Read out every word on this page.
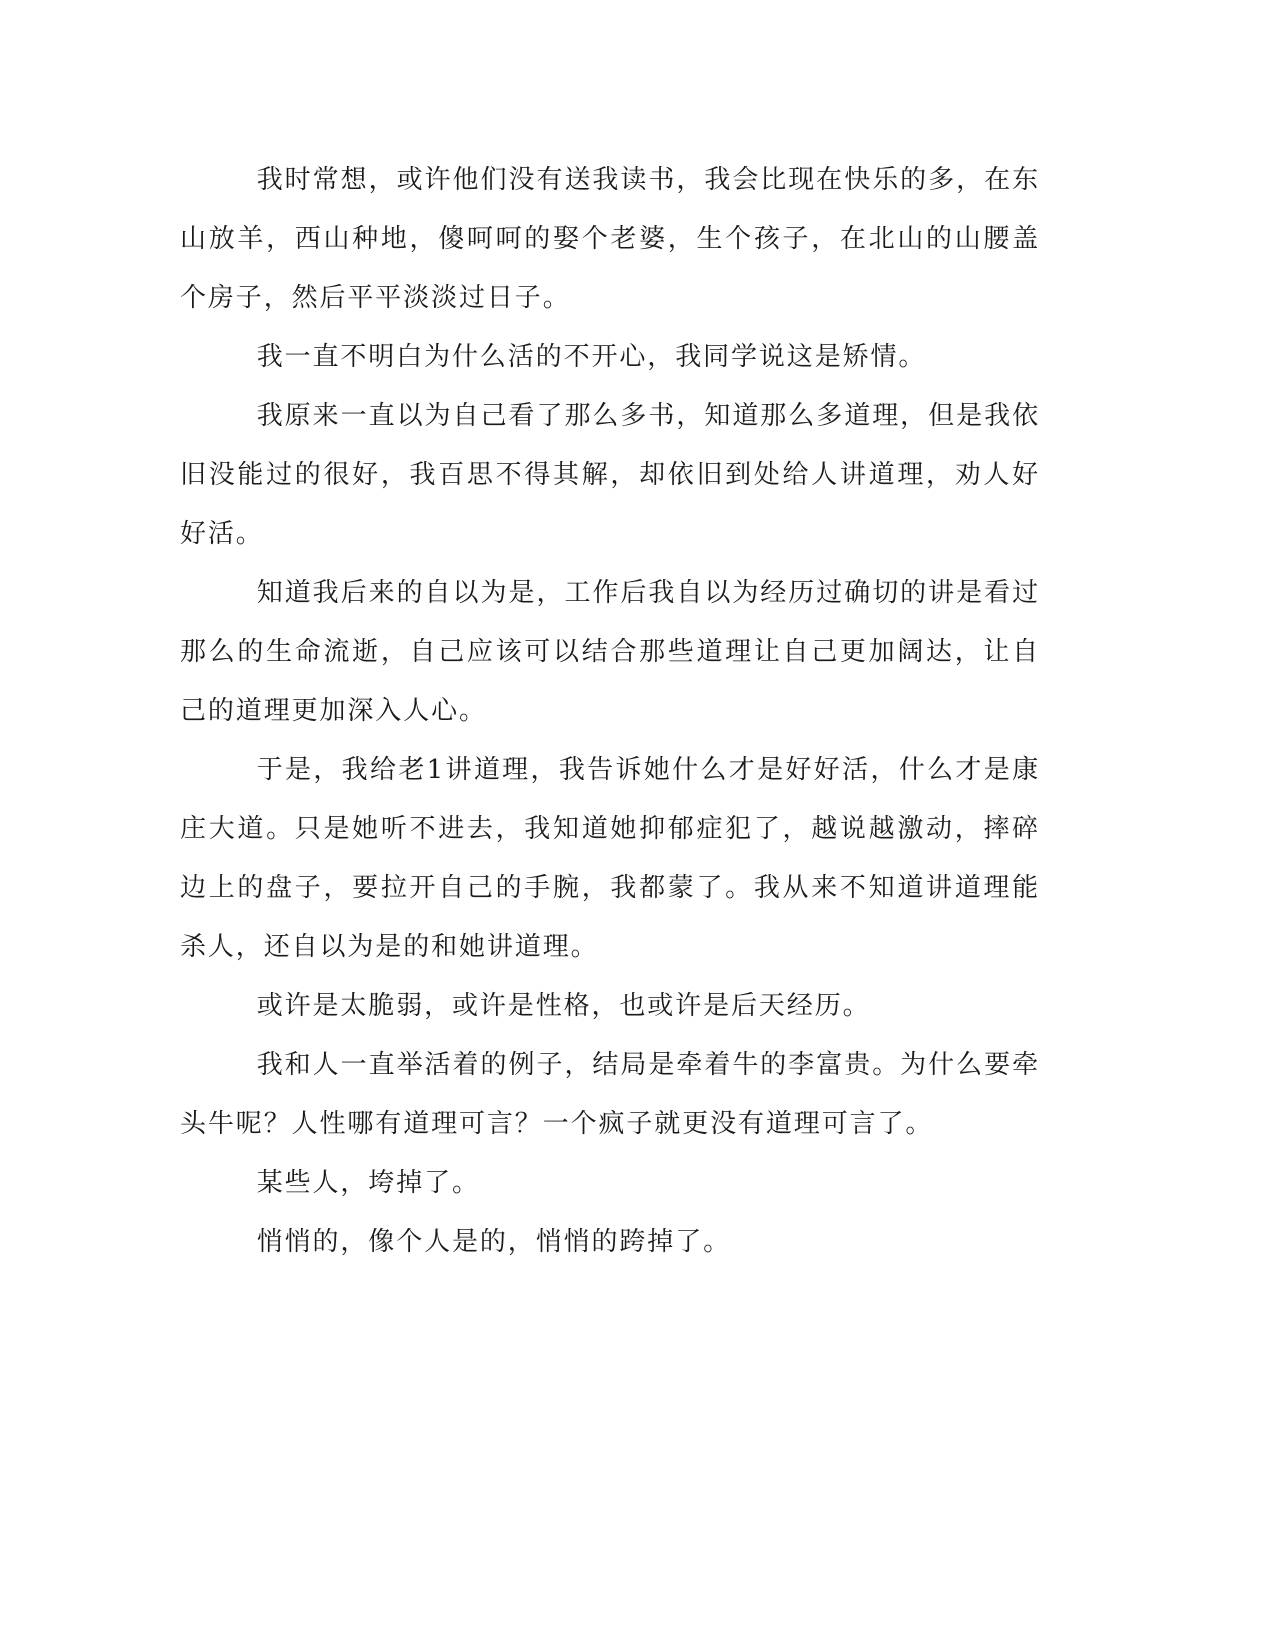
我时常想，或许他们没有送我读书，我会比现在快乐的多，在东山放羊，西山种地，傻呵呵的娶个老婆，生个孩子，在北山的山腰盖个房子，然后平平淡淡过日子。

我一直不明白为什么活的不开心，我同学说这是矫情。

我原来一直以为自己看了那么多书，知道那么多道理，但是我依旧没能过的很好，我百思不得其解，却依旧到处给人讲道理，劝人好好活。

知道我后来的自以为是，工作后我自以为经历过确切的讲是看过那么的生命流逝，自己应该可以结合那些道理让自己更加阔达，让自己的道理更加深入人心。

于是，我给老1讲道理，我告诉她什么才是好好活，什么才是康庄大道。只是她听不进去，我知道她抑郁症犯了，越说越激动，摔碎边上的盘子，要拉开自己的手腕，我都蒙了。我从来不知道讲道理能杀人，还自以为是的和她讲道理。

或许是太脆弱，或许是性格，也或许是后天经历。

我和人一直举活着的例子，结局是牵着牛的李富贵。为什么要牵头牛呢？人性哪有道理可言？一个疯子就更没有道理可言了。

某些人，垮掉了。

悄悄的，像个人是的，悄悄的跨掉了。
